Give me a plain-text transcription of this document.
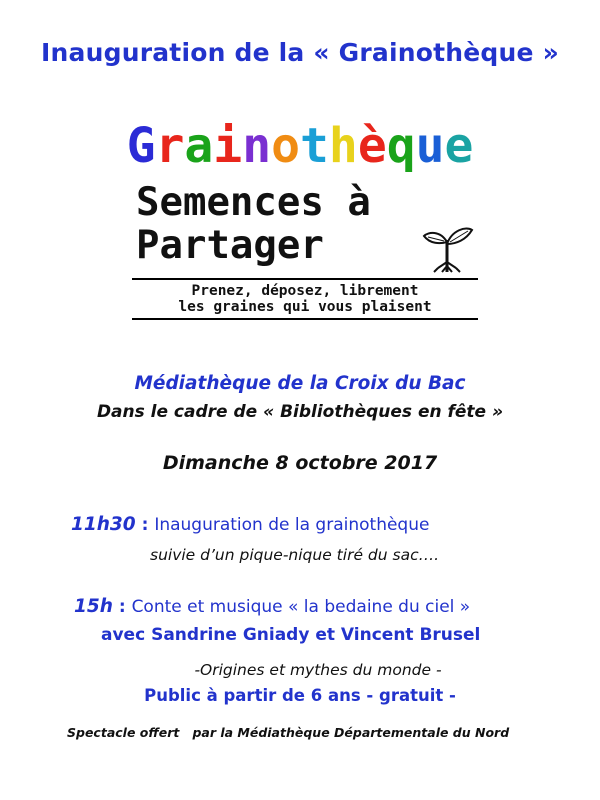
Inauguration de la « Grainothèque »
Grainothèque
Semences à
Partager
Prenez, déposez, librement
les graines qui vous plaisent
Médiathèque de la Croix du Bac
Dans le cadre de « Bibliothèques en fête »
Dimanche 8 octobre 2017
11h30 : Inauguration de la grainothèque
suivie d’un pique-nique tiré du sac….
15h : Conte et musique « la bedaine du ciel »
avec Sandrine Gniady et Vincent Brusel
-Origines et mythes du monde -
Public à partir de 6 ans - gratuit -
Spectacle offert   par la Médiathèque Départementale du Nord
